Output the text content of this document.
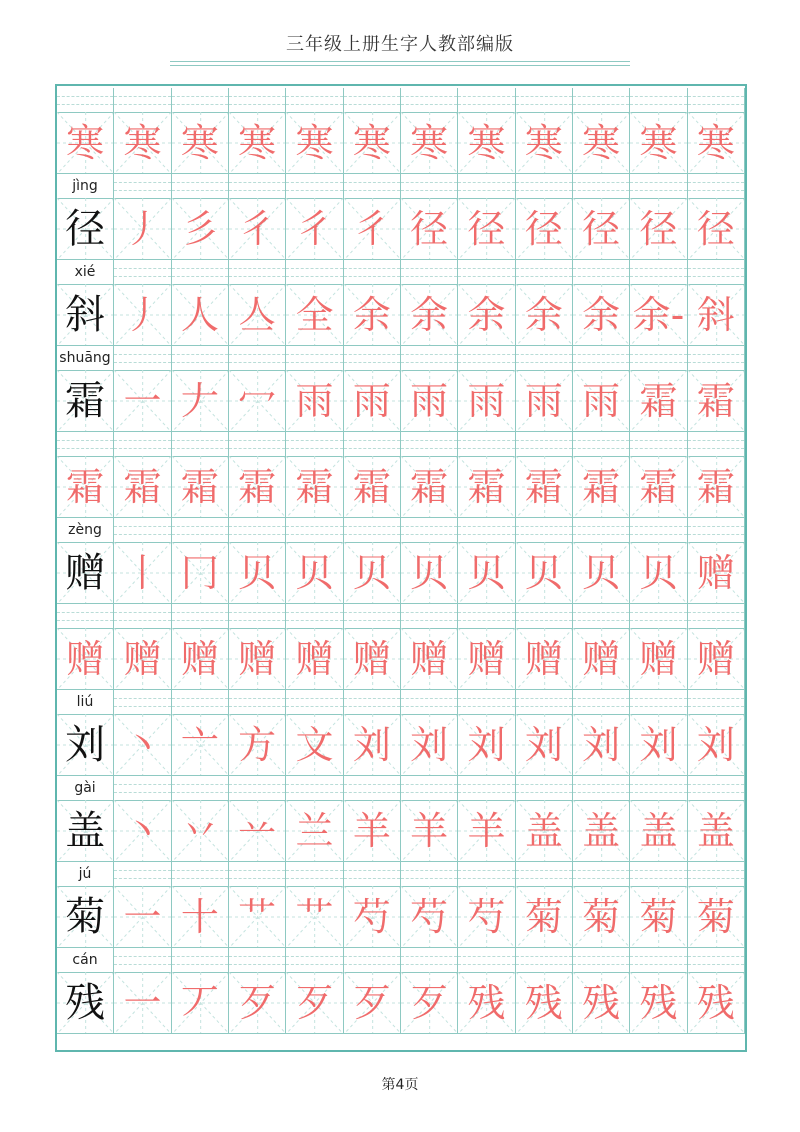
三年级上册生字人教部编版
寒 寒 寒 寒 寒 寒 寒 寒 寒 寒 寒 寒
jìng
径 丿 彡 彳 彳 彳 径 径 径 径 径 径
xié
斜 丿 人 亼 全 余 余 余 余 余 余- 斜
shuāng
霜 一 𠂇 冖 雨 雨 雨 雨 雨 雨 霜 霜
霜 霜 霜 霜 霜 霜 霜 霜 霜 霜 霜 霜
zèng
赠 丨 冂 贝 贝 贝 贝 贝 贝 贝 贝 赠
赠 赠 赠 赠 赠 赠 赠 赠 赠 赠 赠 赠
liú
刘 丶 亠 方 文 刘 刘 刘 刘 刘 刘 刘
gài
盖 丶 丷 䒑 兰 羊 羊 羊 盖 盖 盖 盖
jú
菊 一 十 艹 艹 芍 芍 芍 菊 菊 菊 菊
cán
残 一 丆 歹 歹 歹 歹 残 残 残 残 残
第4页
